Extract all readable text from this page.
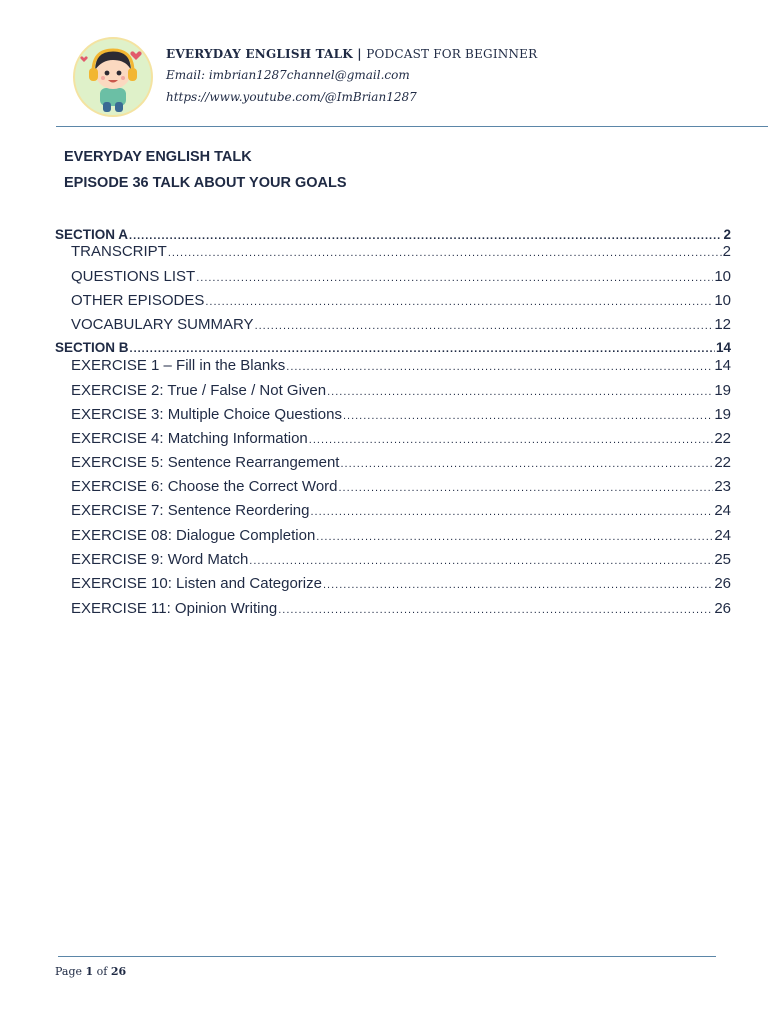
EVERYDAY ENGLISH TALK | PODCAST FOR BEGINNER
Email: imbrian1287channel@gmail.com
https://www.youtube.com/@ImBrian1287
EVERYDAY ENGLISH TALK
EPISODE 36 TALK ABOUT YOUR GOALS
SECTION A .....	2
TRANSCRIPT .....	2
QUESTIONS LIST .....	10
OTHER EPISODES .....	10
VOCABULARY SUMMARY .....	12
SECTION B .....	14
EXERCISE 1 – Fill in the Blanks .....	14
EXERCISE 2: True / False / Not Given .....	19
EXERCISE 3: Multiple Choice Questions .....	19
EXERCISE 4: Matching Information .....	22
EXERCISE 5: Sentence Rearrangement .....	22
EXERCISE 6: Choose the Correct Word .....	23
EXERCISE 7: Sentence Reordering .....	24
EXERCISE 08: Dialogue Completion .....	24
EXERCISE 9: Word Match .....	25
EXERCISE 10: Listen and Categorize .....	26
EXERCISE 11: Opinion Writing .....	26
Page 1 of 26
